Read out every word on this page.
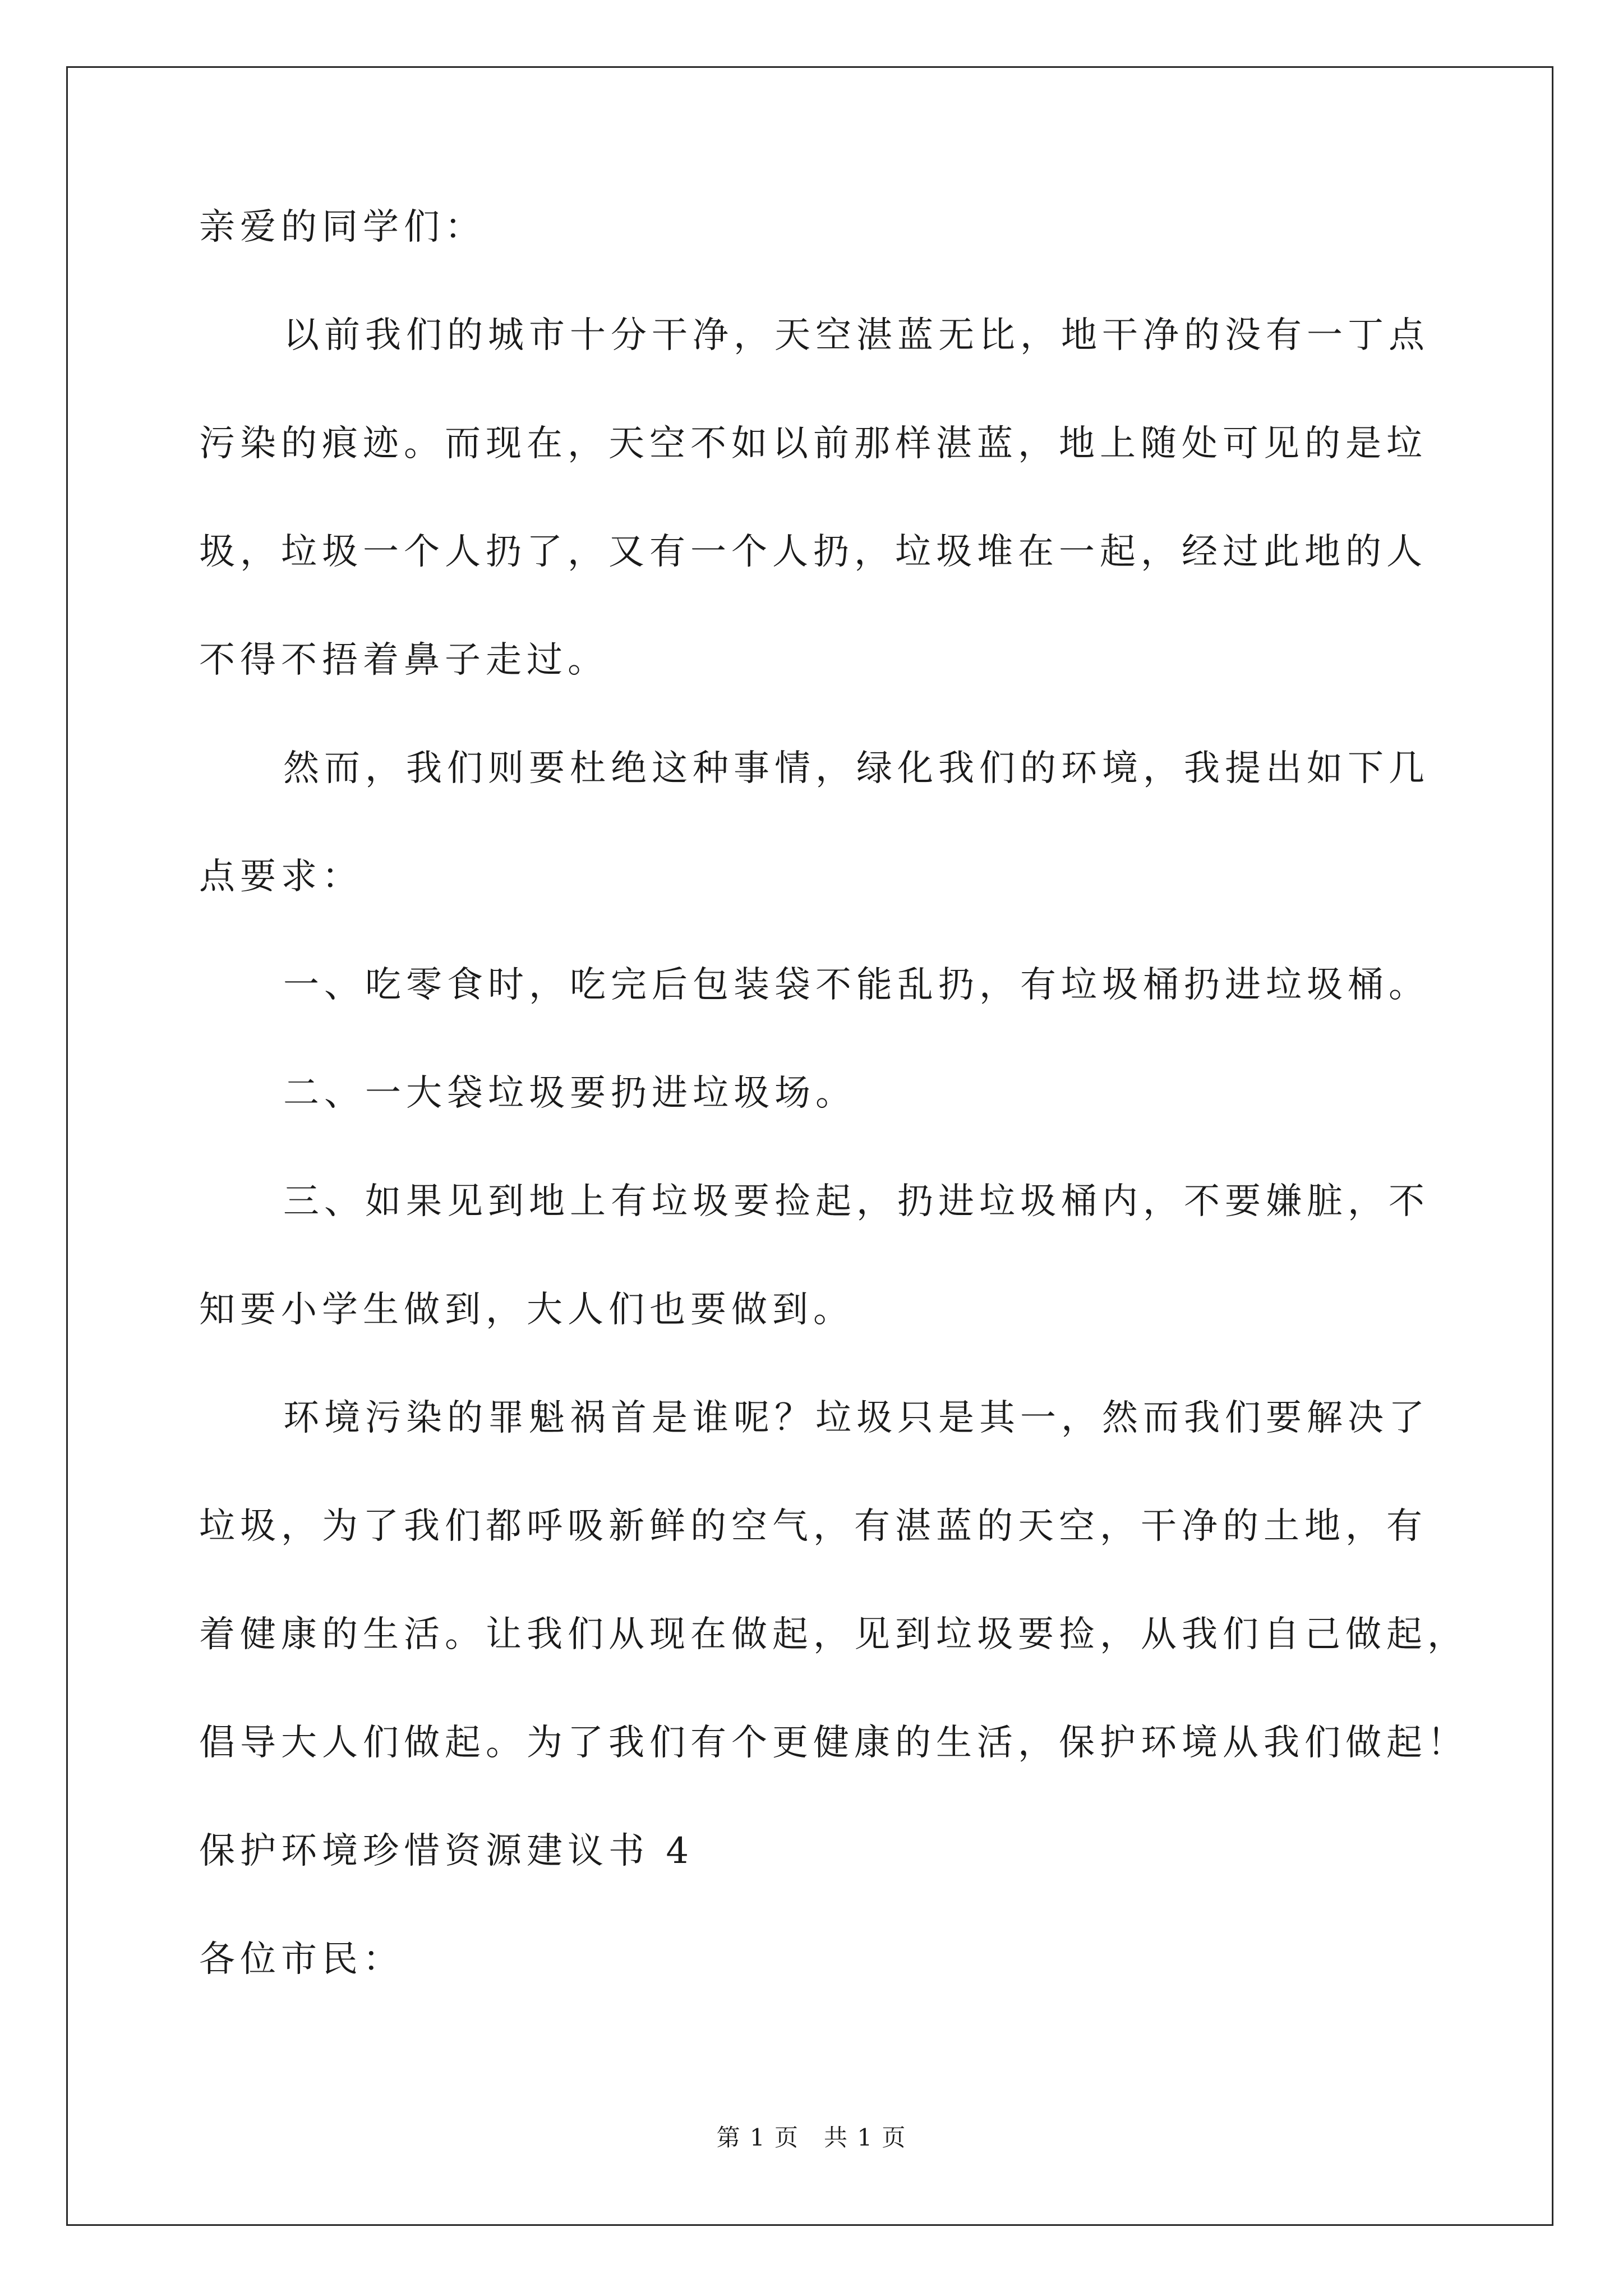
亲爱的同学们：

以前我们的城市十分干净，天空湛蓝无比，地干净的没有一丁点

污染的痕迹。而现在，天空不如以前那样湛蓝，地上随处可见的是垃

圾，垃圾一个人扔了，又有一个人扔，垃圾堆在一起，经过此地的人

不得不捂着鼻子走过。

然而，我们则要杜绝这种事情，绿化我们的环境，我提出如下几

点要求：

一、吃零食时，吃完后包装袋不能乱扔，有垃圾桶扔进垃圾桶。

二、一大袋垃圾要扔进垃圾场。

三、如果见到地上有垃圾要捡起，扔进垃圾桶内，不要嫌脏，不

知要小学生做到，大人们也要做到。

环境污染的罪魁祸首是谁呢？垃圾只是其一，然而我们要解决了

垃圾，为了我们都呼吸新鲜的空气，有湛蓝的天空，干净的土地，有

着健康的生活。让我们从现在做起，见到垃圾要捡，从我们自己做起，

倡导大人们做起。为了我们有个更健康的生活，保护环境从我们做起！

保护环境珍惜资源建议书 4

各位市民：

第 1 页　共 1 页
